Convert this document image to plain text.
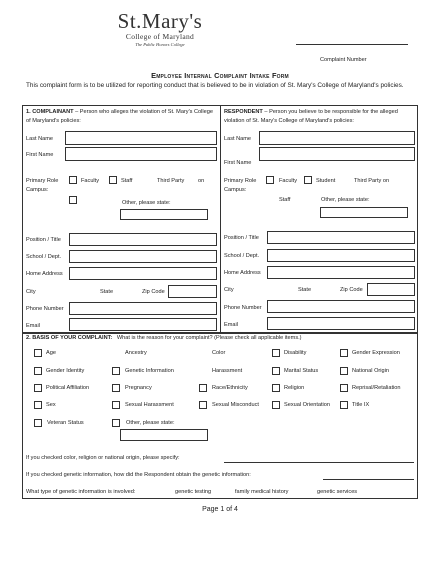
St.Mary's
College of Maryland
The Public Honors College
Complaint Number
Employee Internal Complaint Intake Form
This complaint form is to be utilized for reporting conduct that is believed to be in violation of St. Mary's College of Maryland's policies.
1. COMPLAINANT – Person who alleges the violation of St. Mary's College of Maryland's policies:
RESPONDENT – Person you believe to be responsible for the alleged violation of St. Mary's College of Maryland's policies:
Last Name
First Name
Primary Role	Faculty	Staff	Third Party on
Campus:
Other, please state:
Position / Title
School / Dept.
Home Address
City	State	Zip Code
Phone Number
Email
Last Name
First Name
Primary Role	Faculty	Student	Third Party on
Campus:
Staff	Other, please state:
Position / Title
School / Dept.
Home Address
City	State	Zip Code
Phone Number
Email
2. BASIS OF YOUR COMPLAINT: What is the reason for your complaint? (Please check all applicable items.)
Age	Ancestry	Color	Disability	Gender Expression
Gender Identity	Genetic Information	Harassment	Marital Status	National Origin
Political Affiliation	Pregnancy	Race/Ethnicity	Religion	Reprisal/Retaliation
Sex	Sexual Harassment	Sexual Misconduct	Sexual Orientation	Title IX
Veteran Status	Other, please state:
If you checked color, religion or national origin, please specify:
If you checked genetic information, how did the Respondent obtain the genetic information:
What type of genetic information is involved:	genetic testing	family medical history	genetic services
Page 1 of 4
